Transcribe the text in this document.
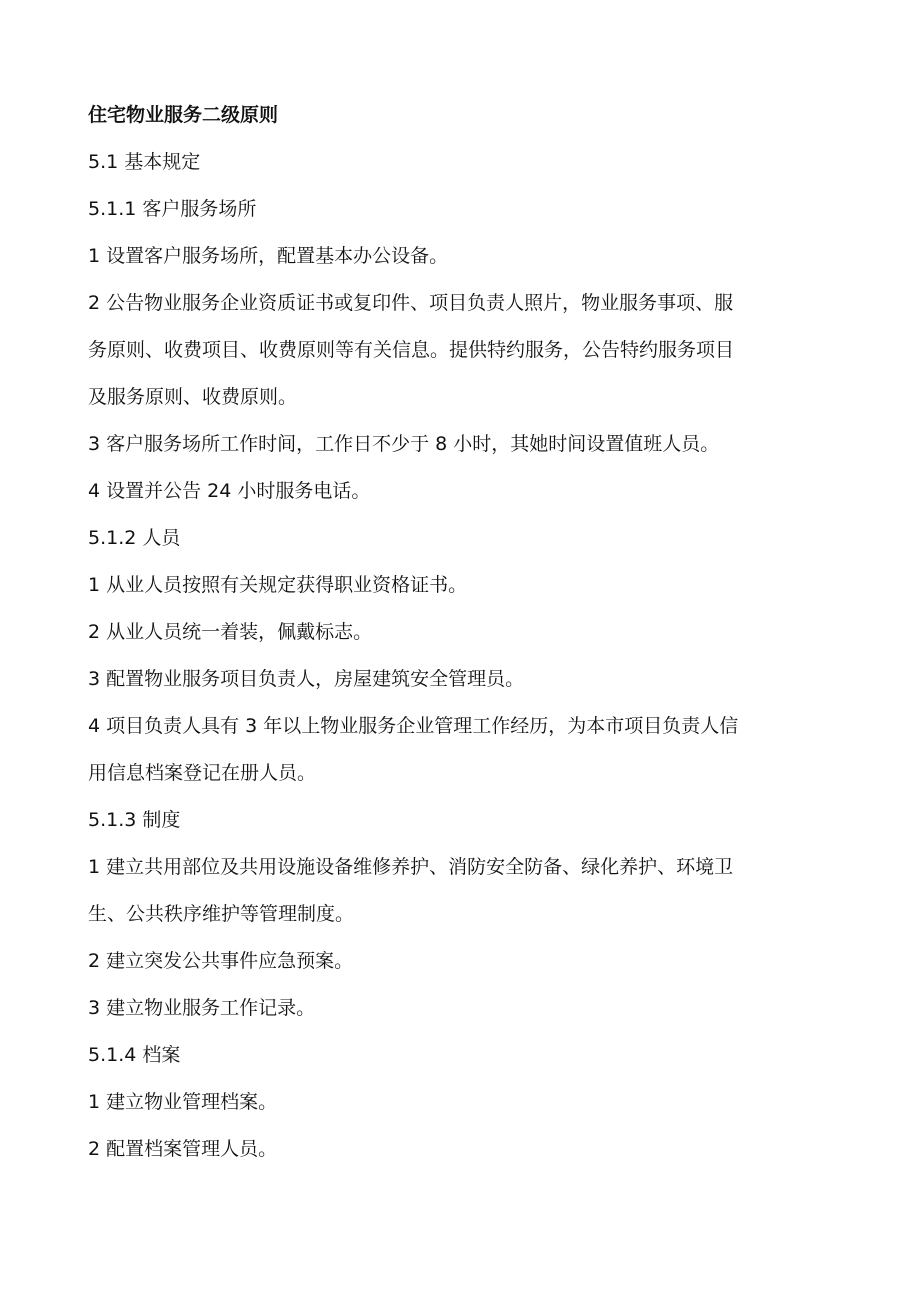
住宅物业服务二级原则
5.1 基本规定
5.1.1 客户服务场所
1 设置客户服务场所，配置基本办公设备。
2 公告物业服务企业资质证书或复印件、项目负责人照片，物业服务事项、服
务原则、收费项目、收费原则等有关信息。提供特约服务，公告特约服务项目
及服务原则、收费原则。
3 客户服务场所工作时间，工作日不少于 8 小时，其她时间设置值班人员。
4 设置并公告 24 小时服务电话。
5.1.2 人员
1 从业人员按照有关规定获得职业资格证书。
2 从业人员统一着装，佩戴标志。
3 配置物业服务项目负责人，房屋建筑安全管理员。
4 项目负责人具有 3 年以上物业服务企业管理工作经历，为本市项目负责人信
用信息档案登记在册人员。
5.1.3 制度
1 建立共用部位及共用设施设备维修养护、消防安全防备、绿化养护、环境卫
生、公共秩序维护等管理制度。
2 建立突发公共事件应急预案。
3 建立物业服务工作记录。
5.1.4 档案
1 建立物业管理档案。
2 配置档案管理人员。
